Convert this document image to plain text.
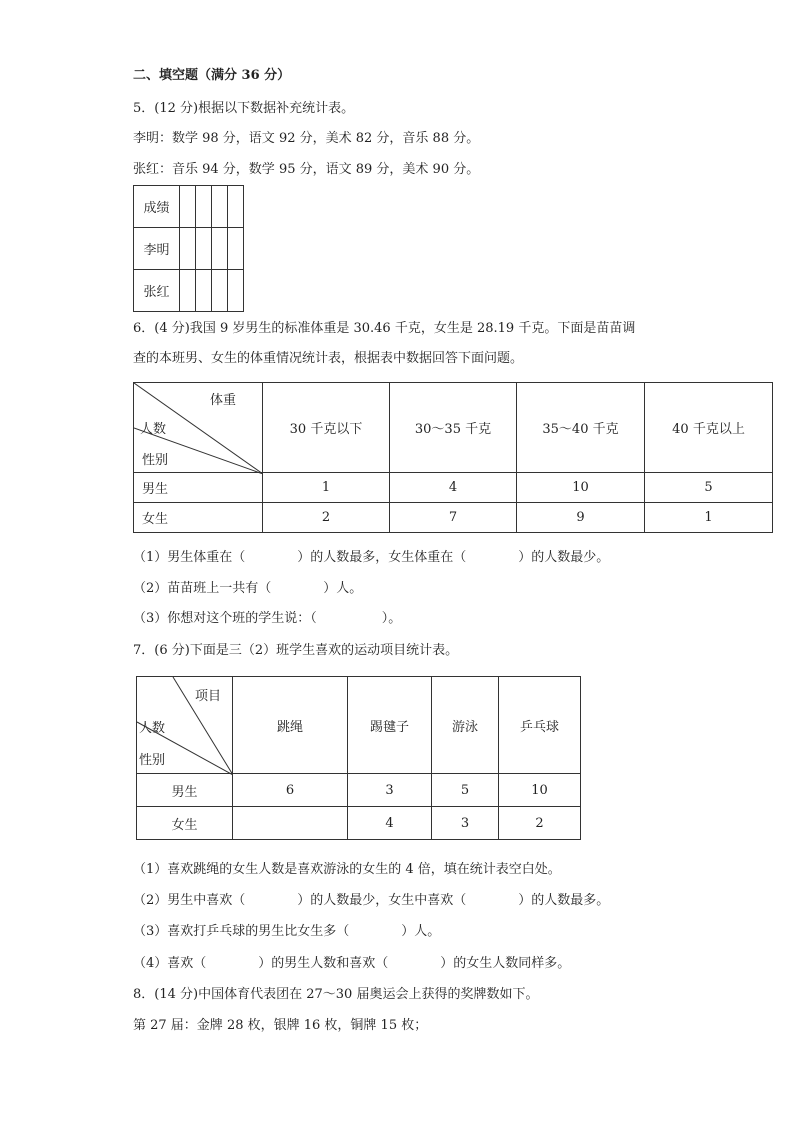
二、填空题（满分 36 分）
5．(12 分)根据以下数据补充统计表。
李明：数学 98 分，语文 92 分，美术 82 分，音乐 88 分。
张红：音乐 94 分，数学 95 分，语文 89 分，美术 90 分。
成绩				
李明				
张红				
6．(4 分)我国 9 岁男生的标准体重是 30.46 千克，女生是 28.19 千克。下面是苗苗调
查的本班男、女生的体重情况统计表，根据表中数据回答下面问题。
体重
人数
性别	30 千克以下	30～35 千克	35～40 千克	40 千克以上
男生	1	4	10	5
女生	2	7	9	1
（1）男生体重在（　　　　）的人数最多，女生体重在（　　　　）的人数最少。
（2）苗苗班上一共有（　　　　）人。
（3）你想对这个班的学生说：（　　　　　）。
7．(6 分)下面是三（2）班学生喜欢的运动项目统计表。
项目
人数
性别	跳绳	踢毽子	游泳	乒乓球
男生	6	3	5	10
女生		4	3	2
（1）喜欢跳绳的女生人数是喜欢游泳的女生的 4 倍，填在统计表空白处。
（2）男生中喜欢（　　　　）的人数最少，女生中喜欢（　　　　）的人数最多。
（3）喜欢打乒乓球的男生比女生多（　　　　）人。
（4）喜欢（　　　　）的男生人数和喜欢（　　　　）的女生人数同样多。
8．(14 分)中国体育代表团在 27～30 届奥运会上获得的奖牌数如下。
第 27 届：金牌 28 枚，银牌 16 枚，铜牌 15 枚；
